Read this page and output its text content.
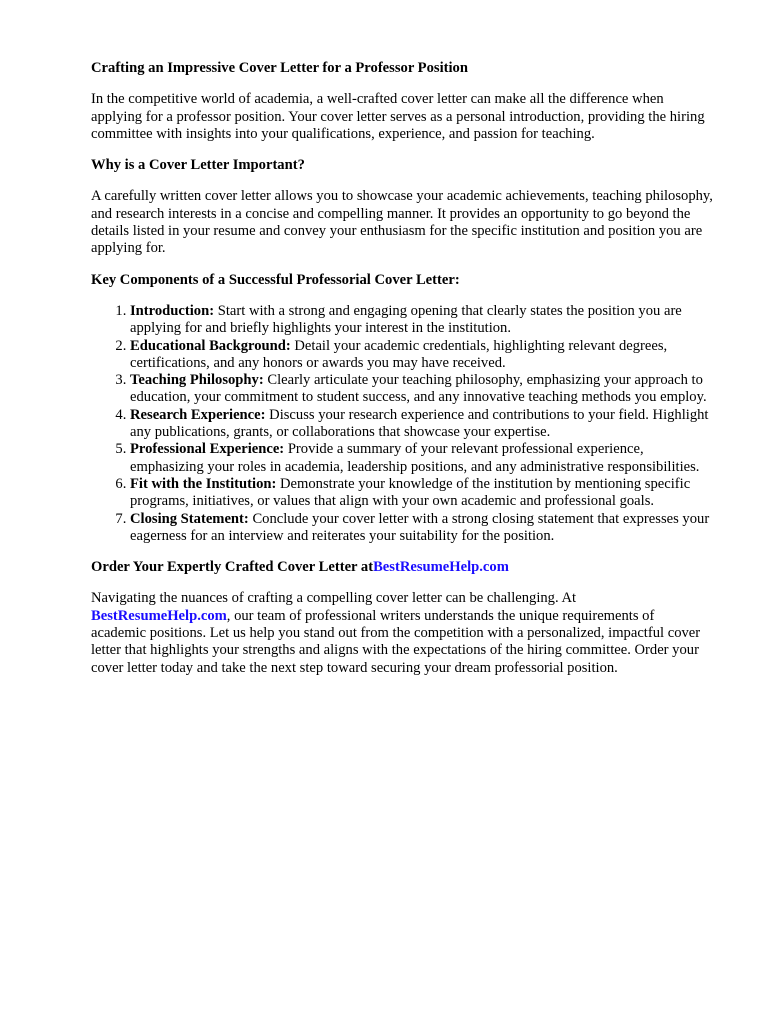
Crafting an Impressive Cover Letter for a Professor Position

In the competitive world of academia, a well-crafted cover letter can make all the difference when applying for a professor position. Your cover letter serves as a personal introduction, providing the hiring committee with insights into your qualifications, experience, and passion for teaching.

Why is a Cover Letter Important?

A carefully written cover letter allows you to showcase your academic achievements, teaching philosophy, and research interests in a concise and compelling manner. It provides an opportunity to go beyond the details listed in your resume and convey your enthusiasm for the specific institution and position you are applying for.

Key Components of a Successful Professorial Cover Letter:
1. Introduction: Start with a strong and engaging opening that clearly states the position you are applying for and briefly highlights your interest in the institution.
2. Educational Background: Detail your academic credentials, highlighting relevant degrees, certifications, and any honors or awards you may have received.
3. Teaching Philosophy: Clearly articulate your teaching philosophy, emphasizing your approach to education, your commitment to student success, and any innovative teaching methods you employ.
4. Research Experience: Discuss your research experience and contributions to your field. Highlight any publications, grants, or collaborations that showcase your expertise.
5. Professional Experience: Provide a summary of your relevant professional experience, emphasizing your roles in academia, leadership positions, and any administrative responsibilities.
6. Fit with the Institution: Demonstrate your knowledge of the institution by mentioning specific programs, initiatives, or values that align with your own academic and professional goals.
7. Closing Statement: Conclude your cover letter with a strong closing statement that expresses your eagerness for an interview and reiterates your suitability for the position.
Order Your Expertly Crafted Cover Letter atBestResumeHelp.com

Navigating the nuances of crafting a compelling cover letter can be challenging. At
BestResumeHelp.com, our team of professional writers understands the unique requirements of academic positions. Let us help you stand out from the competition with a personalized, impactful cover letter that highlights your strengths and aligns with the expectations of the hiring committee. Order your cover letter today and take the next step toward securing your dream professorial position.
